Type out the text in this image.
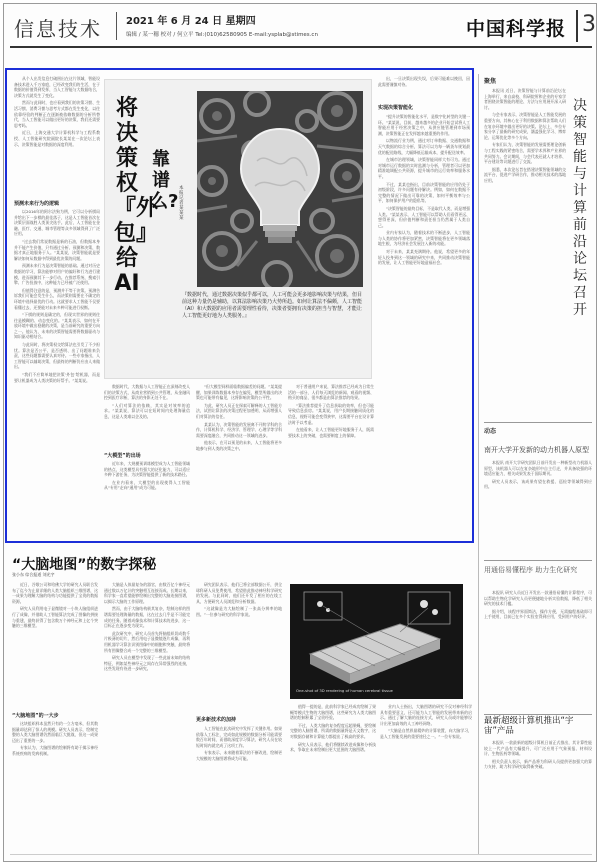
信息技术 2021 年 6 月 24 日 星期四
编辑 / 某一穗 校对 / 何立平 Tel:(010)62580905 E-mail:ysplab@stimes.cn	中国科学报 3

从个人出发信息打破围出在这片领域，智能设备技术进入千万家庭，已经改变我们的生活，在于数据的价值得到发挥，当人工智能与大数据结合，决策方式就发生了变化。

然而与此同时，也应看到我们的决策习惯、生活习惯、消费习惯与思考方式都在发生变化，以往依靠经验的判断正在逐渐被依赖数据的分析所替代，当人工智能可以做出更好的决策，我们还需要思考吗。

近日，上海交通大学计算机科学与工程系教授、人工智能研究院副院长某某在一次论坛上表示，决策智能是对数据的深度利用。

预测未来行为的逻辑

以2016年的阿尔法狗为例，它可以分析棋局并给出下一步棋的最佳落子，这是人工智能首次在决策层面战胜人类顶尖选手。此后，人工智能在金融、医疗、交通、城市管理等众多领域得到了广泛应用。

“过去我们常说数据是新的石油，但数据本身并不能产生价值，只有通过分析、预测和决策，数据才真正地服务于人。”某某说，决策智能就是要解决如何从数据中得到最优决策的问题。

预测未来行为是决策智能的基础。通过对历史数据的学习，算法能够对用户的偏好和行为进行建模，进而预测其下一步行动。在推荐系统、搜索引擎、广告投放中，这种能力已经被广泛使用。

但值得注意的是，预测并不等于决策。预测告诉我们可能会发生什么，而决策则需要在不确定的环境中选择最优的行动。这就要求人工智能不仅要看懂过去，还要能对未来多种可能进行权衡。

“下棋的规则是确定的，但现实世界的规则往往是模糊的、动态变化的。”某某表示，如何在开放环境中做出稳健的决策，是当前研究的重要方向之一。他认为，未来的决策智能需要将数据驱动与知识驱动相结合。

与此同时，将决策权交给算法也引发了不少担忧。算法是否公平、是否透明、出了问题谁来负责，这些问题都需要认真对待。一些专家指出，人工智能可以辅助决策，但最终的判断仍应由人来做出。

“我们不应简单地把决策‘外包’给机器，而是要让机器成为人类决策的好帮手。”某某说。

将决策权『外包』给AI
靠谱么?
本报记者 某某某
『数据时代，通过数据决策似乎都可以，人工可能会更多地影响决策与结果，但目前这种力量仍是辅助，以算法影响决策乃大势所趋。如何让算法不偏颇，人工智能（AI）和大数据的应用者需要理性看待，决策者要拥有决策的担当与智慧，才能让人工智能更好地为人类服务。』

数据时代，大数据与人工智能正在深刻改变人们的决策方式，从商业营销到公共管理，从金融风控到医疗诊断，算法的身影无处不在。

“人们对算法的依赖，其实是对效率的追求。”某某说，算法可以在短时间内处理海量信息，这是人类难以企及的。

“大模型”的出场

近年来，大规模预训练模型成为人工智能领域的热点，这类模型具有强大的泛化能力，可以适应多种下游任务，为决策智能提供了新的技术路径。

在业内看来，大模型的出现使得人工智能从“专用”走向“通用”成为可能。

“但大模型同样面临数据偏差的问题。”某某提醒，如果训练数据本身存在偏见，模型所做出的决策也可能带有偏见，这将影响决策的公平性。

为此，研究人员正在探索可解释的人工智能方法，试图让算法的决策过程更加透明，从而增强人们对算法的信任。

某某认为，决策智能的发展离不开跨学科的合作，计算机科学、经济学、管理学、心理学等学科需要深度融合，共同推动这一领域的进步。

他表示，在可以预见的未来，人工智能将更多地参与到人类的决策之中。

对于普通用户来说，算法推荐已经成为日常生活的一部分，人们每天浏览的新闻、观看的视频、购买的商品，很多都是由算法推荐的结果。

“算法推荐提升了信息获取的效率，但也可能导致信息茧房。”某某说，用户长期接触同质化的信息，视野可能会变得狭窄，这需要平台在设计算法时予以考虑。

在他看来，让人工智能更好地服务于人，既需要技术上的突破，也需要制度上的保障。

出，一旦决策出现失误，后果可能难以挽回，因此需要谨慎对待。

实现决策智能化

“提升决策的智能化水平，是数字化转型的关键一环。”某某说，目前，越来越多的企业开始尝试将人工智能应用于经营决策之中，从供应链管理到市场预测，决策智能正在发挥越来越重要的作用。

以物流行业为例，通过对订单数据、交通数据和天气数据的综合分析，算法可以为每一辆货车规划最优的配送路线，大幅降低运输成本，提升配送效率。

在城市治理领域，决策智能同样大有可为。通过对城市运行数据的实时监测与分析，管理者可以更加精准地调配公共资源，提升城市的运行效率和服务水平。

不过，某某也指出，目前决策智能的应用仍处于初级阶段，许多问题有待解决。例如，如何在数据不完整的情况下做出可靠的决策，如何平衡效率与公平，如何保护用户的隐私等。

“决策智能的最终目标，不是取代人类，而是增强人类。”某某表示，人工智能可以帮助人们看得更远、想得更深，但价值判断和责任担当仍然属于人类自己。

业内专家认为，随着技术的不断进步，人工智能与人类的协作将更加紧密，决策智能将在更多领域落地生根，为经济社会发展注入新的动能。

对于未来，某某充满期待。他说，希望更多的年轻人投身到这一领域的研究中来，共同推动决策智能的发展，让人工智能更好地造福社会。

聚焦

本报讯 近日，决策智能与计算前沿论坛在上海举行，来自高校、科研院所和企业的专家学者围绕决策智能的理论、方法与应用展开深入研讨。

与会专家表示，决策智能是人工智能发展的重要方向，其核心在于利用数据和算法帮助人们在复杂环境中做出更好的决策。论坛上，多位专家分享了最新的研究成果，涵盖强化学习、博弈论、运筹优化等多个方向。

专家们认为，决策智能的发展需要理论创新与工程实践的紧密结合，需要学术界和产业界的共同努力。会议期间，与会代表还就人才培养、平台建设等议题进行了交流。

据悉，本次论坛旨在搭建决策智能领域的交流平台，促进产学研合作，推动相关技术的落地应用。

决策智能与计算前沿论坛召开
动态
南开大学开发新的动力机器人原型

本报讯 南开大学研究团队日前开发出一种新型动力机器人原型，该机器人可以在复杂地形中自主行走，并具备较强的环境适应能力，相关成果发表于国际期刊。

研究人员表示，该成果有望在救援、巡检等领域得到应用。

用通俗易懂程序 助力生化研究

本报讯 研究人员近日开发出一款通俗易懂的计算程序，可以帮助生物化学研究人员更便捷地分析实验数据，降低了相关研究的技术门槛。

据介绍，该程序界面简洁，操作方便，无需编程基础即可上手使用，目前已在多个实验室得到应用，受到用户的好评。

最新超级计算机推出“宇宙”产品

本报讯 一款最新的超级计算机日前正式推出，其计算性能较上一代产品有大幅提升，可广泛应用于气象预报、材料设计、生物医药等领域。

相关负责人表示，新产品将为科研人员提供更加强大的算力支持，助力科学研究取得新突破。

“大脑地图”的数字探秘
张小东 综合报道 刘光宇

近日，谷歌公司和哈佛大学的研究人员联合发布了迄今为止最详细的人类大脑组织三维图谱，这一成果为理解大脑的结构与功能提供了宝贵的数据资源。

研究人员利用电子显微镜对一小块人脑组织进行了成像，并借助人工智能算法完成了图像的拼接与重建，最终获得了包含数万个神经元和上亿个突触的三维模型。

“大脑地图”的一大步

这块组织样本虽然只有约一立方毫米，但其数据量却达到了惊人的规模。研究人员表示，绘制完整的人类大脑图谱仍然面临巨大挑战，但这一成果迈出了重要的一步。

专家认为，大脑图谱的绘制将有助于揭示神经系统疾病的发病机制。

大脑是人体最复杂的器官，由数百亿个神经元通过数以万亿计的突触相互连接而成。长期以来，科学家一直希望能够绘制出完整的大脑连接图谱，以揭示大脑的工作原理。

然而，由于大脑结构极其复杂，绘制这样的图谱需要处理海量的数据，这在过去几乎是不可能完成的任务。随着成像技术和计算技术的进步，这一目标正在逐步变为现实。

此次研究中，研究人员首先将脑组织切成数千片极薄的切片，然后用电子显微镜逐片成像，再利用机器学习算法识别图像中的细胞和突触，最终将所有图像整合成一个完整的三维模型。

研究人员在模型中发现了一些此前未知的结构特征，例如某些神经元之间存在异常强烈的连接，这些发现有待进一步研究。

更多新技术的加持

研究团队表示，他们已将全部数据公开，供全球科研人员免费使用，希望借此推动神经科学研究的发展。与此同时，他们还开发了相应的在线工具，方便研究人员浏览和分析数据。

“这就像是为大脑绘制了一张高分辨率的地图。”一位参与研究的科学家说。

人工智能在此次研究中发挥了关键作用。如果依靠人工标注，完成如此规模的数据分析可能需要数百年时间，而借助深度学习算法，研究人员在较短时间内就完成了这项工作。

专家表示，未来随着算法的不断改进，绘制更大规模的大脑图谱将成为可能。

One-shot of 3D rendering of human cerebral tissue

值得一提的是，此前科学家已经成功绘制了果蝇等模式生物的大脑图谱，这些研究为人类大脑图谱的绘制积累了宝贵经验。

不过，人类大脑的复杂程度远超果蝇，要绘制完整的人脑图谱，所需的数据量将是天文数字，这对数据存储和计算能力都提出了极高的要求。

研究人员表示，他们将继续改进成像和分析技术，争取在未来绘制出更大范围的大脑图谱。

业内人士指出，大脑图谱的研究不仅对神经科学具有重要意义，还可能为人工智能的发展带来新的启示。通过了解大脑的连接方式，研究人员或许能够设计出更加高效的人工神经网络。

“大脑是自然界最精妙的计算装置，向大脑学习，是人工智能发展的重要途径之一。”一位专家说。
